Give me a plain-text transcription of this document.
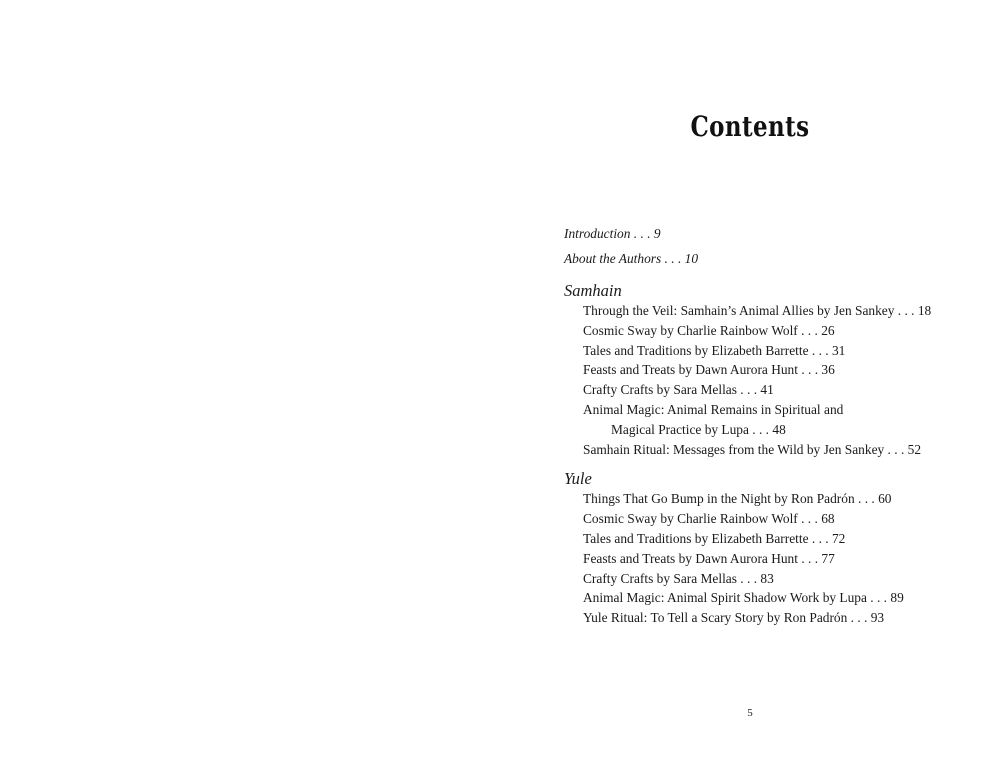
Contents
Introduction . . . 9
About the Authors . . . 10
Samhain
Through the Veil: Samhain’s Animal Allies by Jen Sankey . . . 18
Cosmic Sway by Charlie Rainbow Wolf . . . 26
Tales and Traditions by Elizabeth Barrette . . . 31
Feasts and Treats by Dawn Aurora Hunt . . . 36
Crafty Crafts by Sara Mellas . . . 41
Animal Magic: Animal Remains in Spiritual and
Magical Practice by Lupa . . . 48
Samhain Ritual: Messages from the Wild by Jen Sankey . . . 52
Yule
Things That Go Bump in the Night by Ron Padrón . . . 60
Cosmic Sway by Charlie Rainbow Wolf . . . 68
Tales and Traditions by Elizabeth Barrette . . . 72
Feasts and Treats by Dawn Aurora Hunt . . . 77
Crafty Crafts by Sara Mellas . . . 83
Animal Magic: Animal Spirit Shadow Work by Lupa . . . 89
Yule Ritual: To Tell a Scary Story by Ron Padrón . . . 93
5
